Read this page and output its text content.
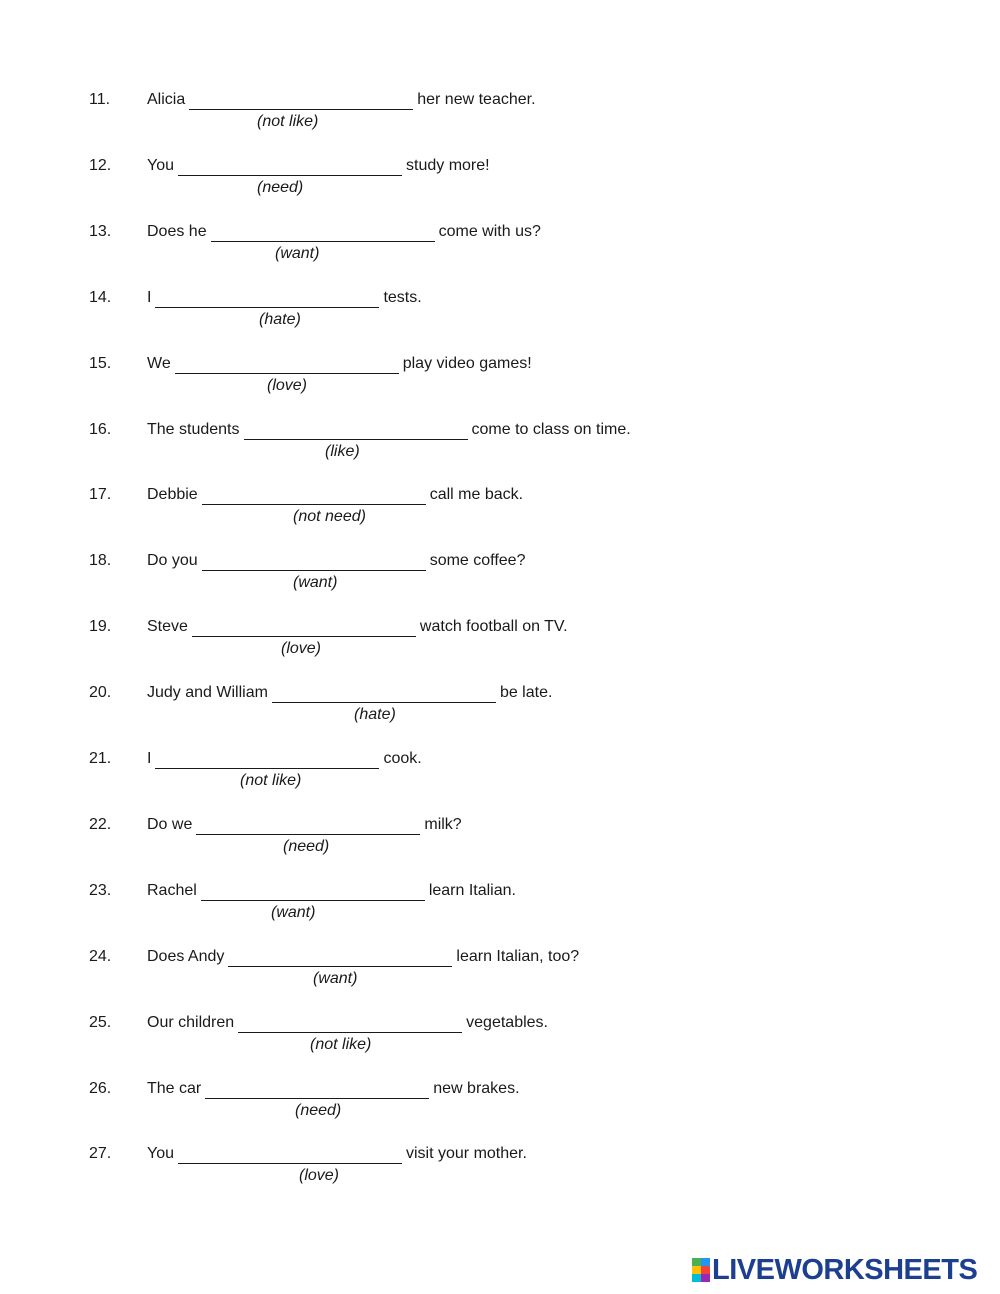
11. Alicia	her new teacher.
(not like)
12. You	study more!
(need)
13. Does he	come with us?
(want)
14. I	tests.
(hate)
15. We	play video games!
(love)
16. The students	come to class on time.
(like)
17. Debbie	call me back.
(not need)
18. Do you	some coffee?
(want)
19. Steve	watch football on TV.
(love)
20. Judy and William	be late.
(hate)
21. I	cook.
(not like)
22. Do we	milk?
(need)
23. Rachel	learn Italian.
(want)
24. Does Andy	learn Italian, too?
(want)
25. Our children	vegetables.
(not like)
26. The car	new brakes.
(need)
27. You	visit your mother.
(love)
LIVEWORKSHEETS
